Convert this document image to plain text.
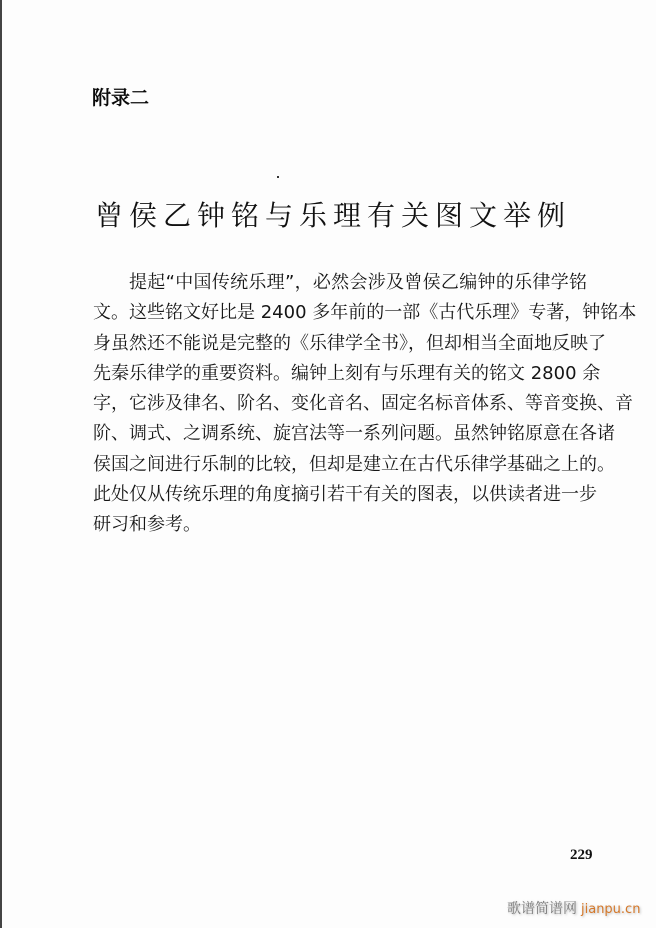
附录二
曾侯乙钟铭与乐理有关图文举例
提起“中国传统乐理”，必然会涉及曾侯乙编钟的乐律学铭
文。这些铭文好比是 2400 多年前的一部《古代乐理》专著，钟铭本
身虽然还不能说是完整的《乐律学全书》，但却相当全面地反映了
先秦乐律学的重要资料。编钟上刻有与乐理有关的铭文 2800 余
字，它涉及律名、阶名、变化音名、固定名标音体系、等音变换、音
阶、调式、之调系统、旋宫法等一系列问题。虽然钟铭原意在各诸
侯国之间进行乐制的比较，但却是建立在古代乐律学基础之上的。
此处仅从传统乐理的角度摘引若干有关的图表，以供读者进一步
研习和参考。
229
歌谱简谱网 jianpu.cn
